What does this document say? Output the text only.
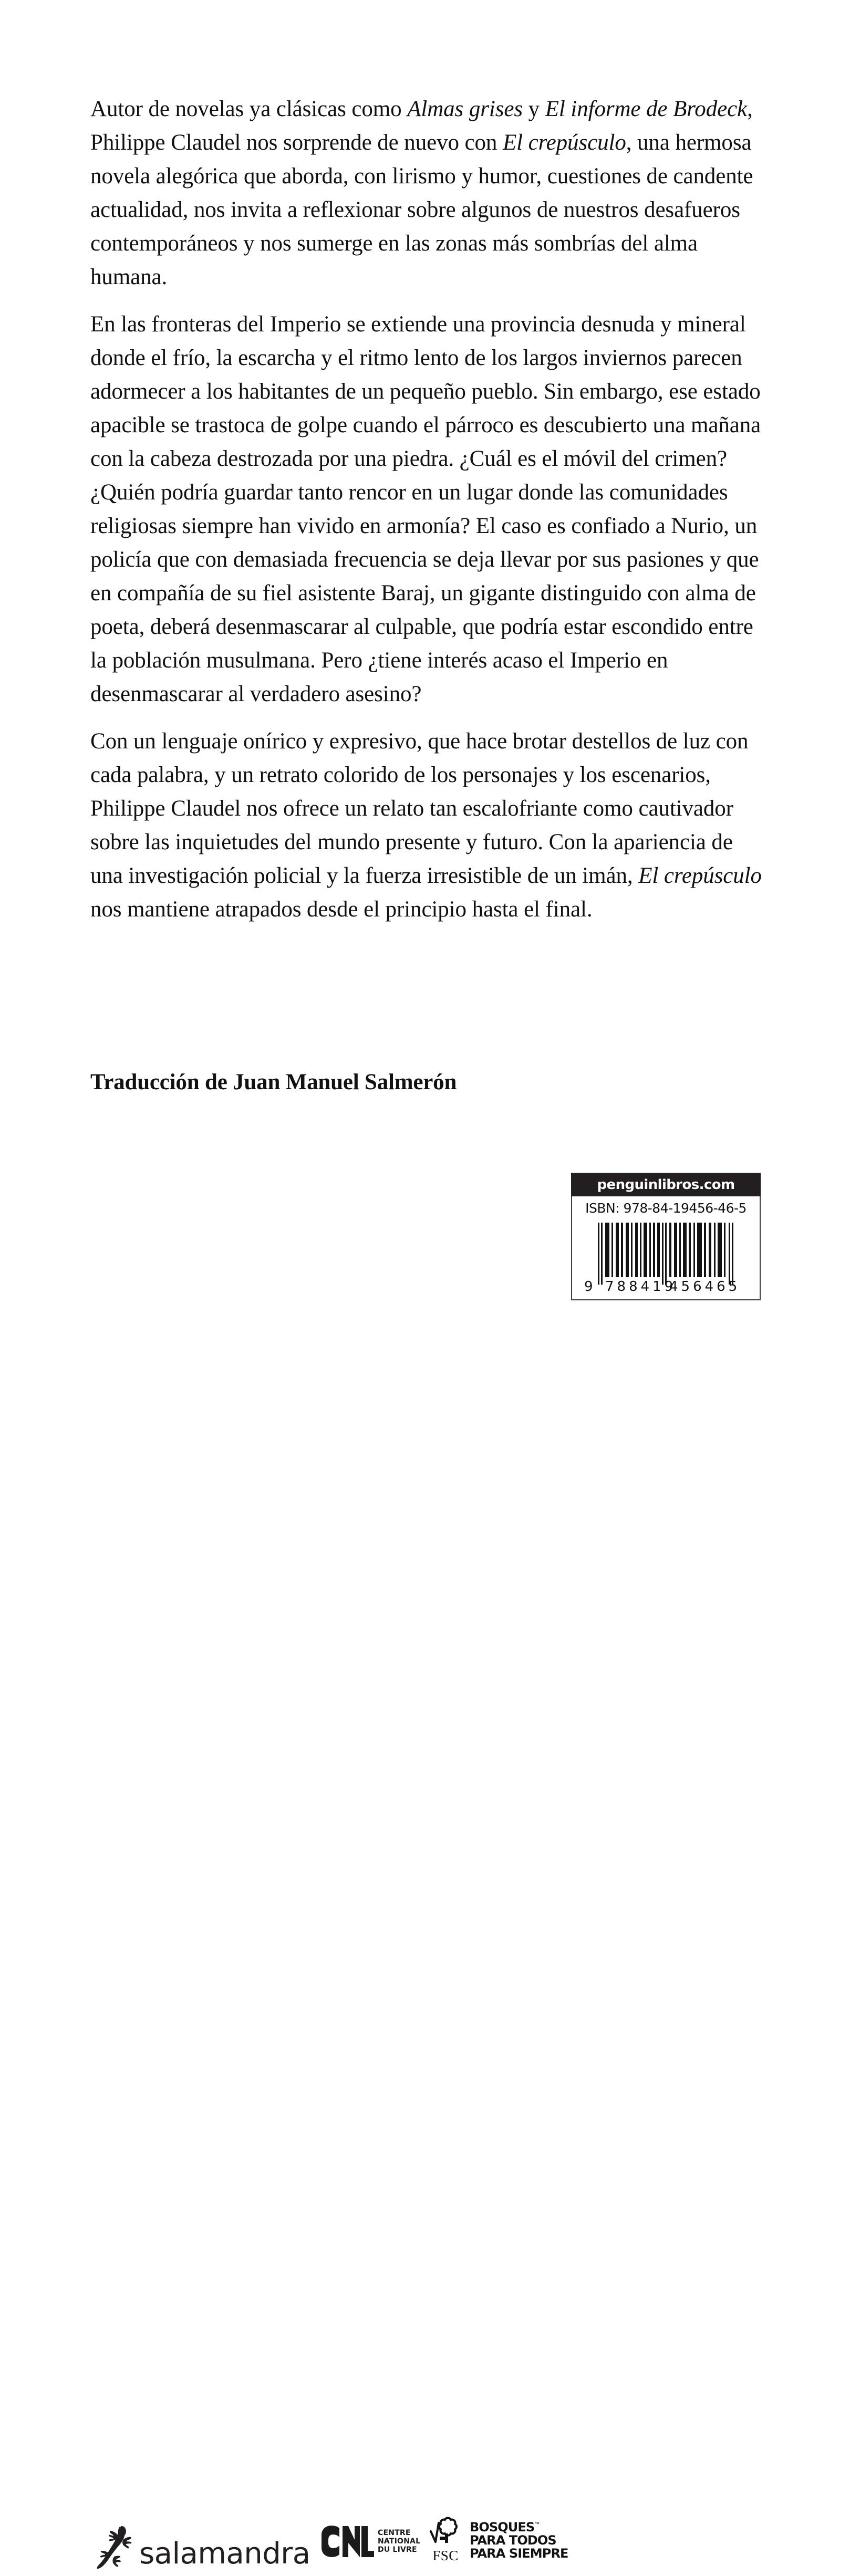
Autor de novelas ya clásicas como Almas grises y El informe de Brodeck, Philippe Claudel nos sorprende de nuevo con El crepúsculo, una hermosa novela alegórica que aborda, con lirismo y humor, cuestiones de candente actualidad, nos invita a reflexionar sobre algunos de nuestros desafueros contemporáneos y nos sumerge en las zonas más sombrías del alma humana.

En las fronteras del Imperio se extiende una provincia desnuda y mineral donde el frío, la escarcha y el ritmo lento de los largos inviernos parecen adormecer a los habitantes de un pequeño pueblo. Sin embargo, ese estado apacible se trastoca de golpe cuando el párroco es descubierto una mañana con la cabeza destrozada por una piedra. ¿Cuál es el móvil del crimen? ¿Quién podría guardar tanto rencor en un lugar donde las comunidades religiosas siempre han vivido en armonía? El caso es confiado a Nurio, un policía que con demasiada frecuencia se deja llevar por sus pasiones y que en compañía de su fiel asistente Baraj, un gigante distinguido con alma de poeta, deberá desenmascarar al culpable, que podría estar escondido entre la población musulmana. Pero ¿tiene interés acaso el Imperio en desenmascarar al verdadero asesino?

Con un lenguaje onírico y expresivo, que hace brotar destellos de luz con cada palabra, y un retrato colorido de los personajes y los escenarios, Philippe Claudel nos ofrece un relato tan escalofriante como cautivador sobre las inquietudes del mundo presente y futuro. Con la apariencia de una investigación policial y la fuerza irresistible de un imán, El crepúsculo nos mantiene atrapados desde el principio hasta el final.

Traducción de Juan Manuel Salmerón
penguinlibros.com
ISBN: 978-84-19456-46-5
9 788419
456465
salamandra
CENTRE
NATIONAL
DU LIVRE FSC
BOSQUES™
PARA TODOS
PARA SIEMPRE
